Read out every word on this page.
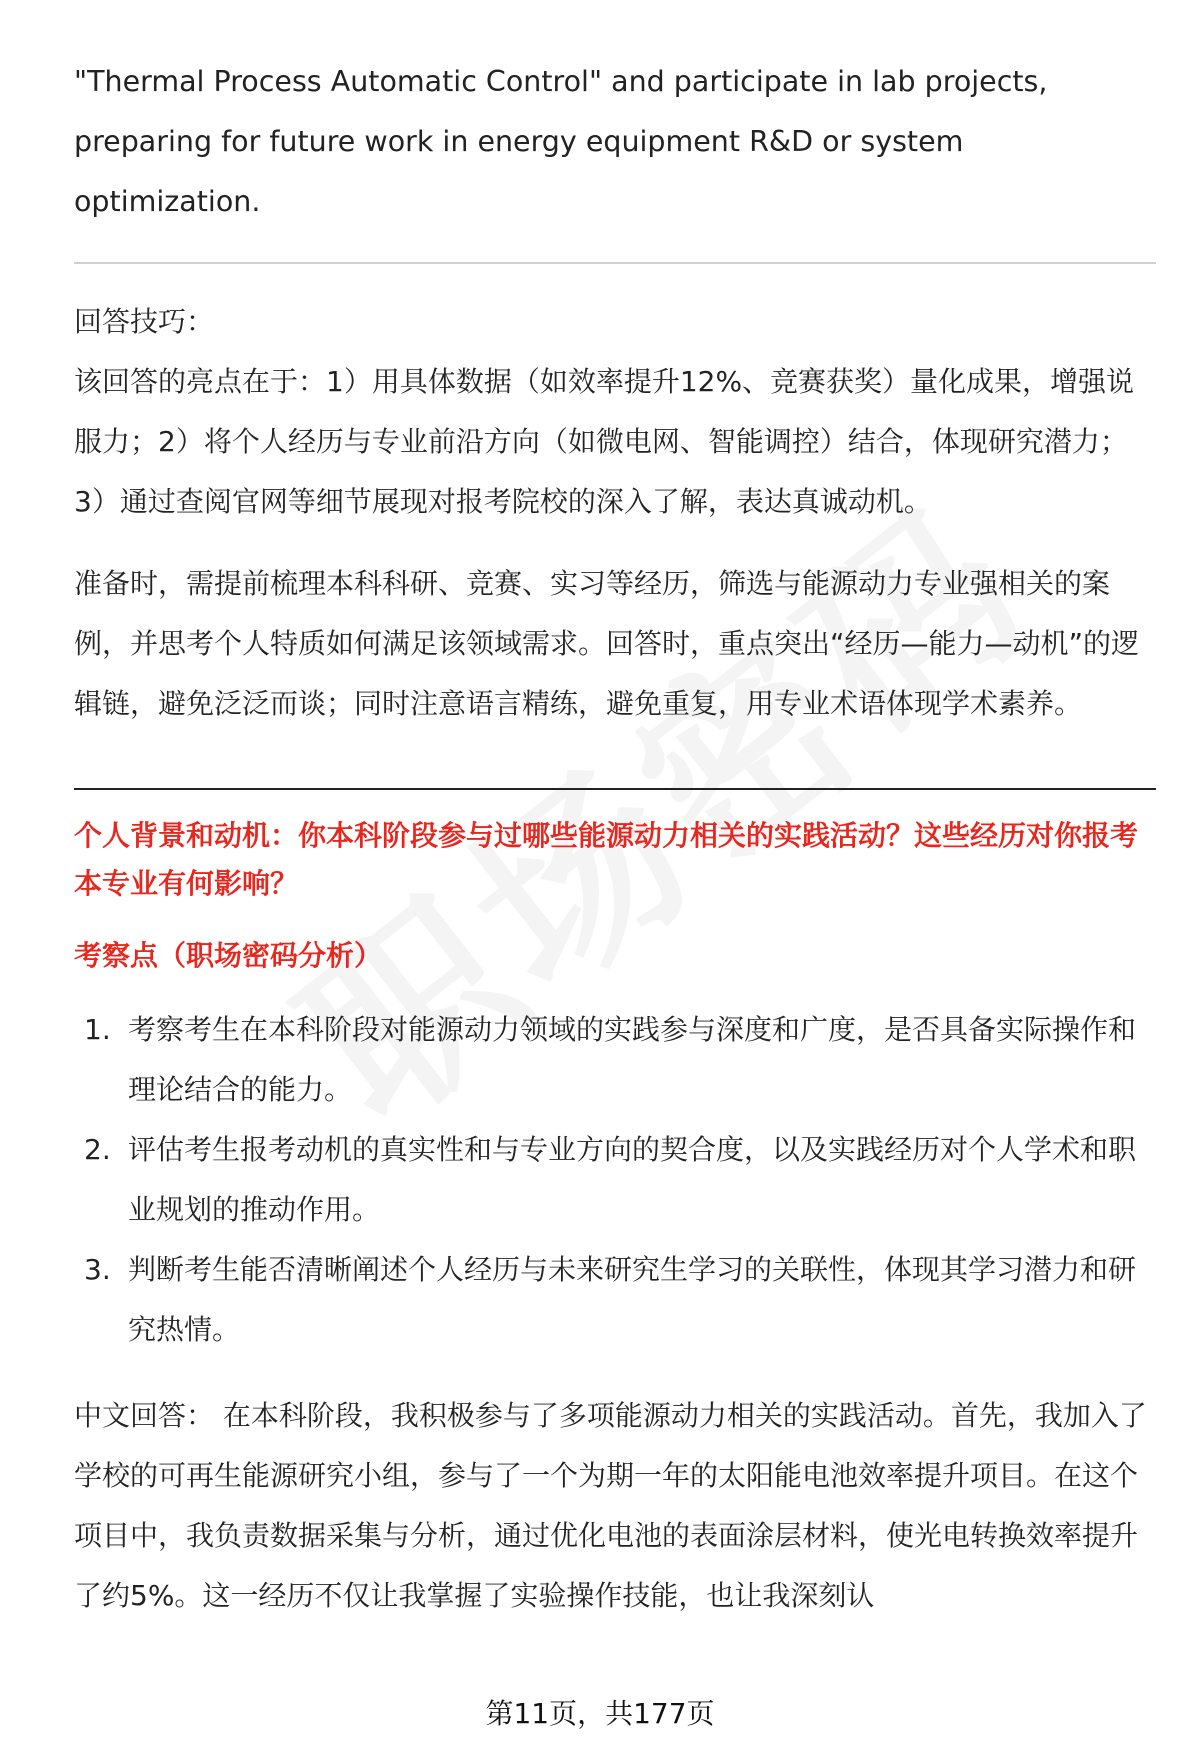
"Thermal Process Automatic Control" and participate in lab projects, preparing for future work in energy equipment R&D or system optimization.

回答技巧：

该回答的亮点在于：1）用具体数据（如效率提升12%、竞赛获奖）量化成果，增强说服力；2）将个人经历与专业前沿方向（如微电网、智能调控）结合，体现研究潜力；3）通过查阅官网等细节展现对报考院校的深入了解，表达真诚动机。

准备时，需提前梳理本科科研、竞赛、实习等经历，筛选与能源动力专业强相关的案例，并思考个人特质如何满足该领域需求。回答时，重点突出“经历—能力—动机”的逻辑链，避免泛泛而谈；同时注意语言精练，避免重复，用专业术语体现学术素养。

个人背景和动机：你本科阶段参与过哪些能源动力相关的实践活动？这些经历对你报考本专业有何影响？

考察点（职场密码分析）

1. 考察考生在本科阶段对能源动力领域的实践参与深度和广度，是否具备实际操作和理论结合的能力。
2. 评估考生报考动机的真实性和与专业方向的契合度，以及实践经历对个人学术和职业规划的推动作用。
3. 判断考生能否清晰阐述个人经历与未来研究生学习的关联性，体现其学习潜力和研究热情。

中文回答： 在本科阶段，我积极参与了多项能源动力相关的实践活动。首先，我加入了学校的可再生能源研究小组，参与了一个为期一年的太阳能电池效率提升项目。在这个项目中，我负责数据采集与分析，通过优化电池的表面涂层材料，使光电转换效率提升了约5%。这一经历不仅让我掌握了实验操作技能，也让我深刻认

第11页，共177页
